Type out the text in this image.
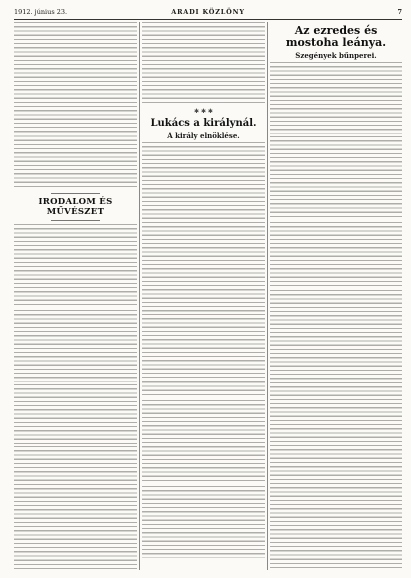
1912. június 23.	ARADI KÖZLÖNY	7
IRODALOM ÉS MŰVÉSZET
✱ ✱ ✱
Lukács a királynál.
A király elnöklése.
Az ezredes és mostoha leánya.
Szegények bűnperei.
